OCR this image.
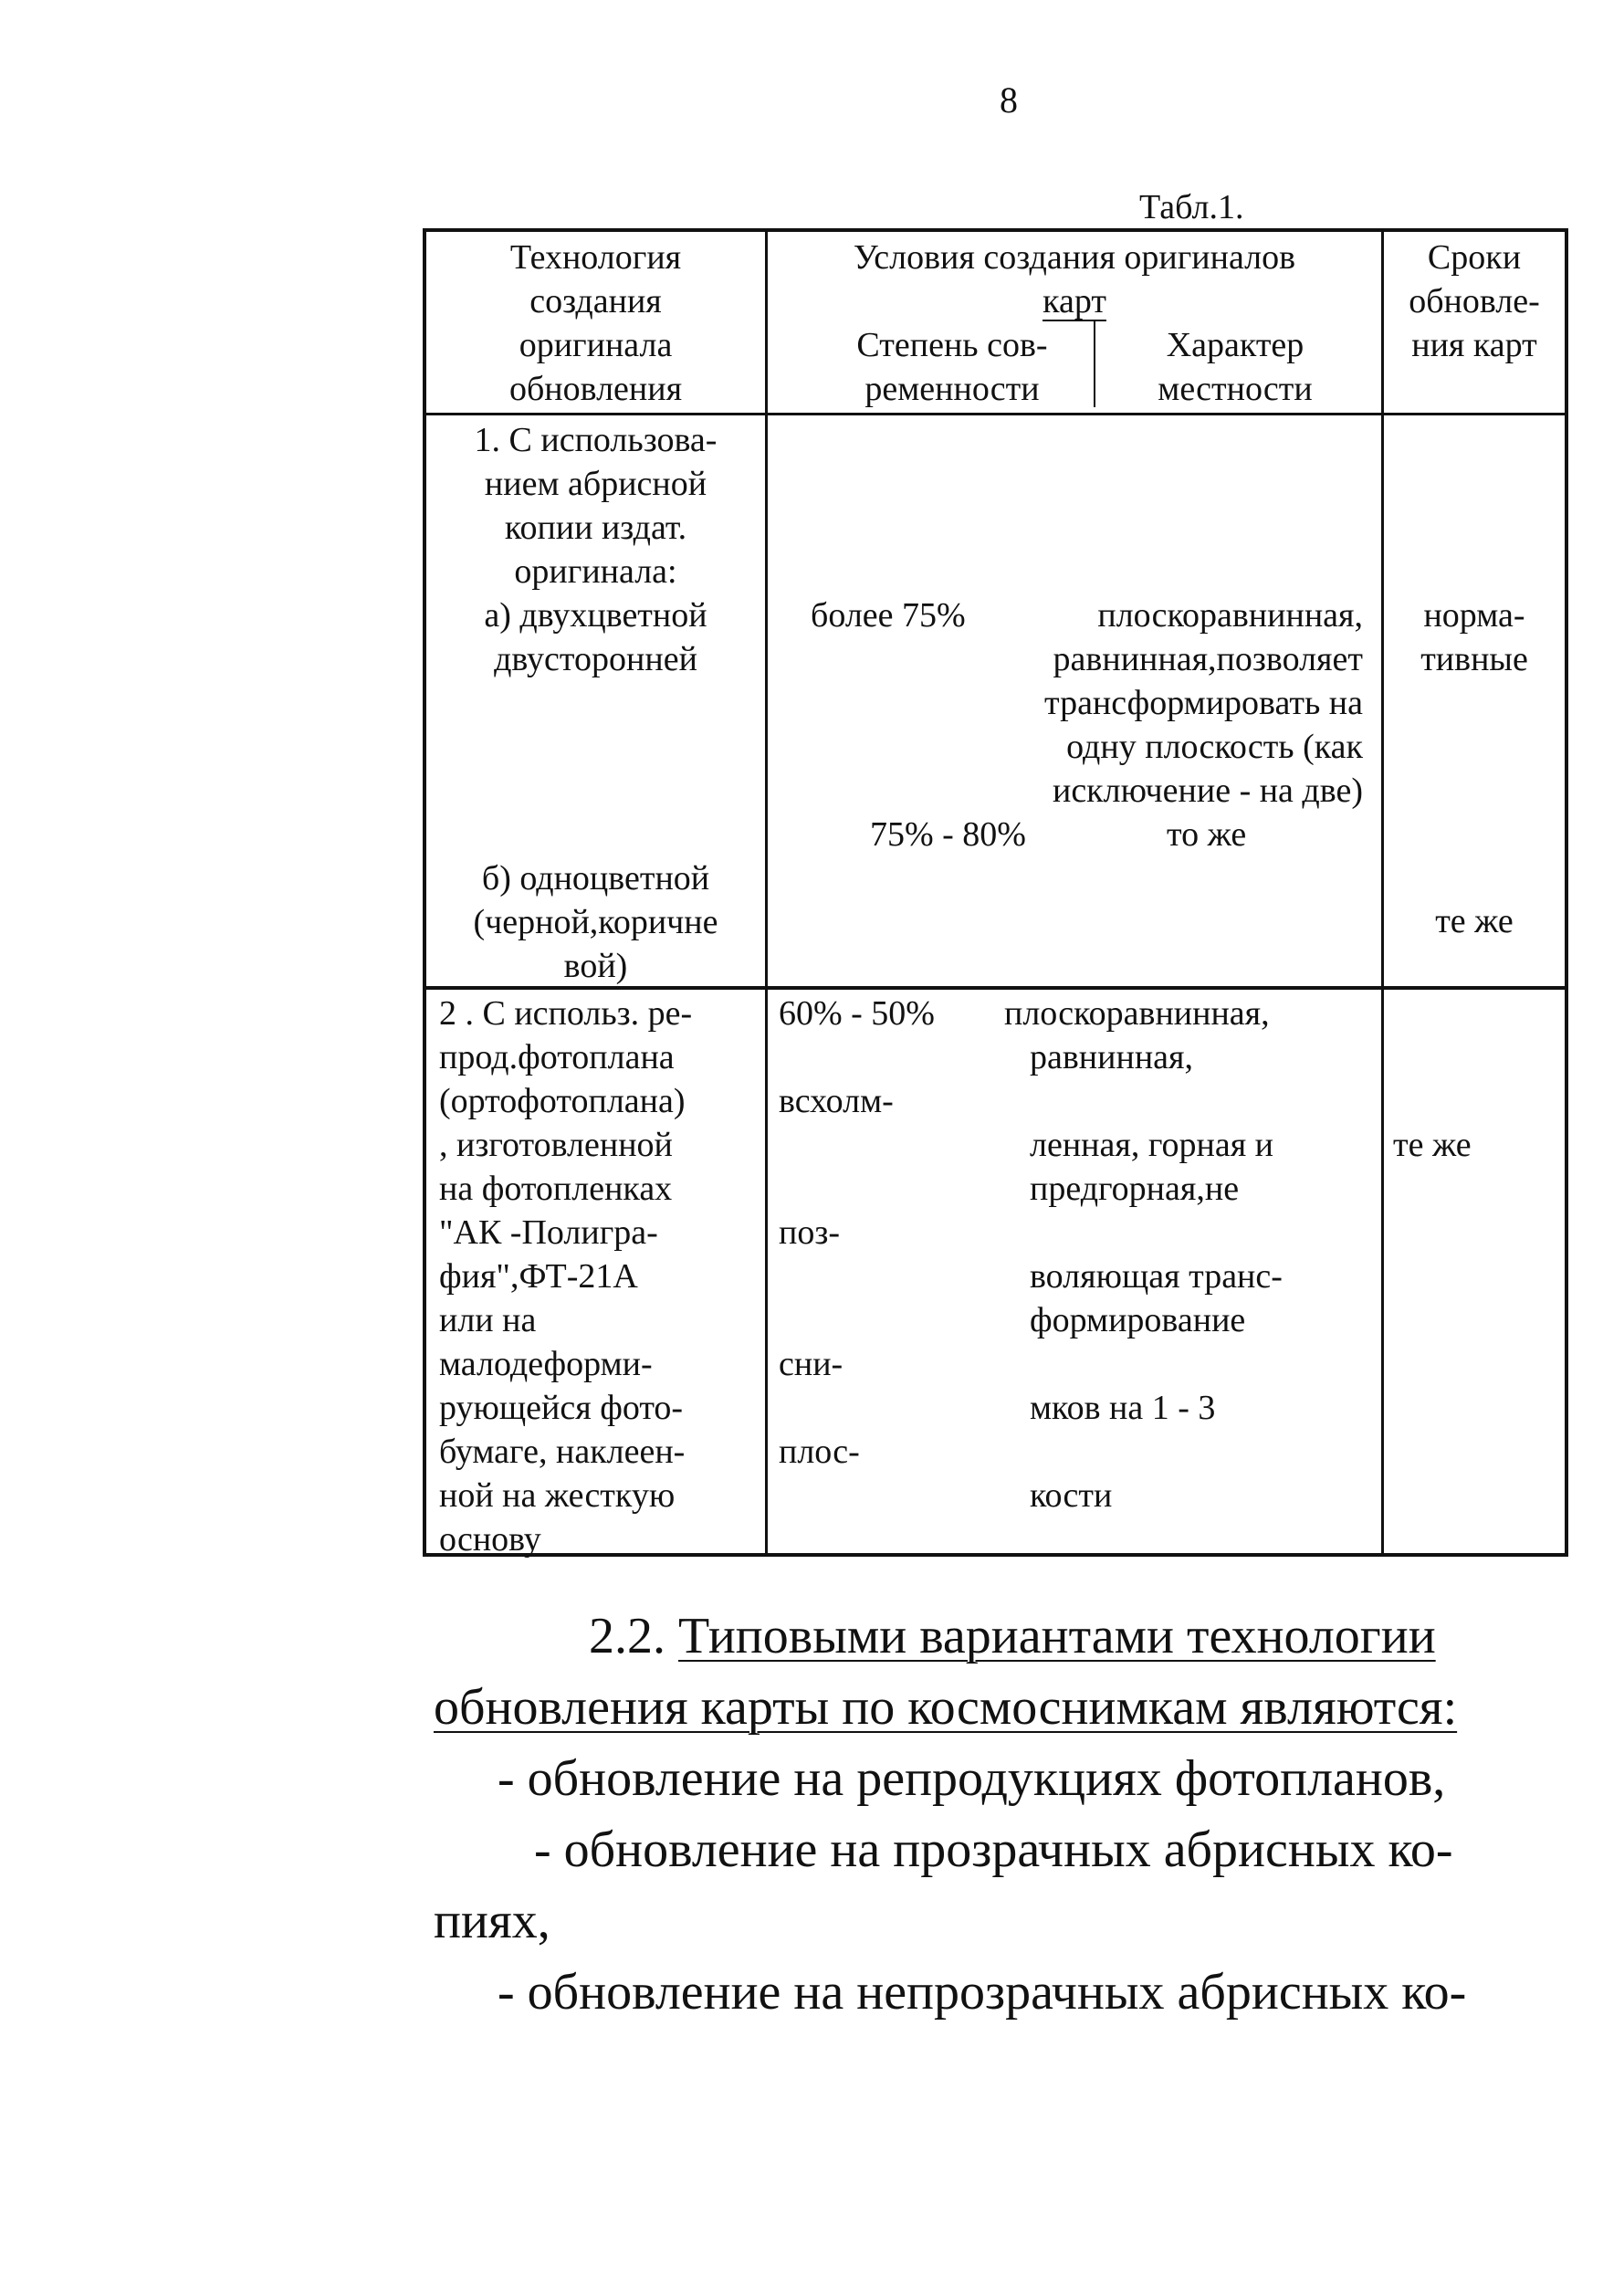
8
Табл.1.
Технология
создания
оригинала
обновления
Условия создания оригиналов
карт
Степень сов-
ременности
Характер
местности
Сроки
обновле-
ния карт
1. С использова-
нием абрисной
копии издат.
оригинала:
а) двухцветной
двусторонней
б) одноцветной
(черной,коричне
вой)
более 75%	плоскоравнинная,
равнинная,позволяет
трансформировать на
одну плоскость (как
исключение - на две)
75% - 80%	то же
норма-
тивные
те же
2 . С использ. ре-
прод.фотоплана
(ортофотоплана)
, изготовленной
на фотопленках
"АК -Полигра-
фия",ФТ-21А
или на
малодеформи-
рующейся фото-
бумаге, наклеен-
ной на жесткую
основу
60% - 50%
всхолм-
поз-
сни-
плос-
плоскоравнинная,
равнинная,
ленная, горная и
предгорная,не
воляющая транс-
формирование
мков на 1 - 3
кости
те же
2.2. Типовыми вариантами технологии
обновления карты по космоснимкам являются:
- обновление на репродукциях фотопланов,
- обновление на прозрачных абрисных ко-
пиях,
- обновление на непрозрачных абрисных ко-
